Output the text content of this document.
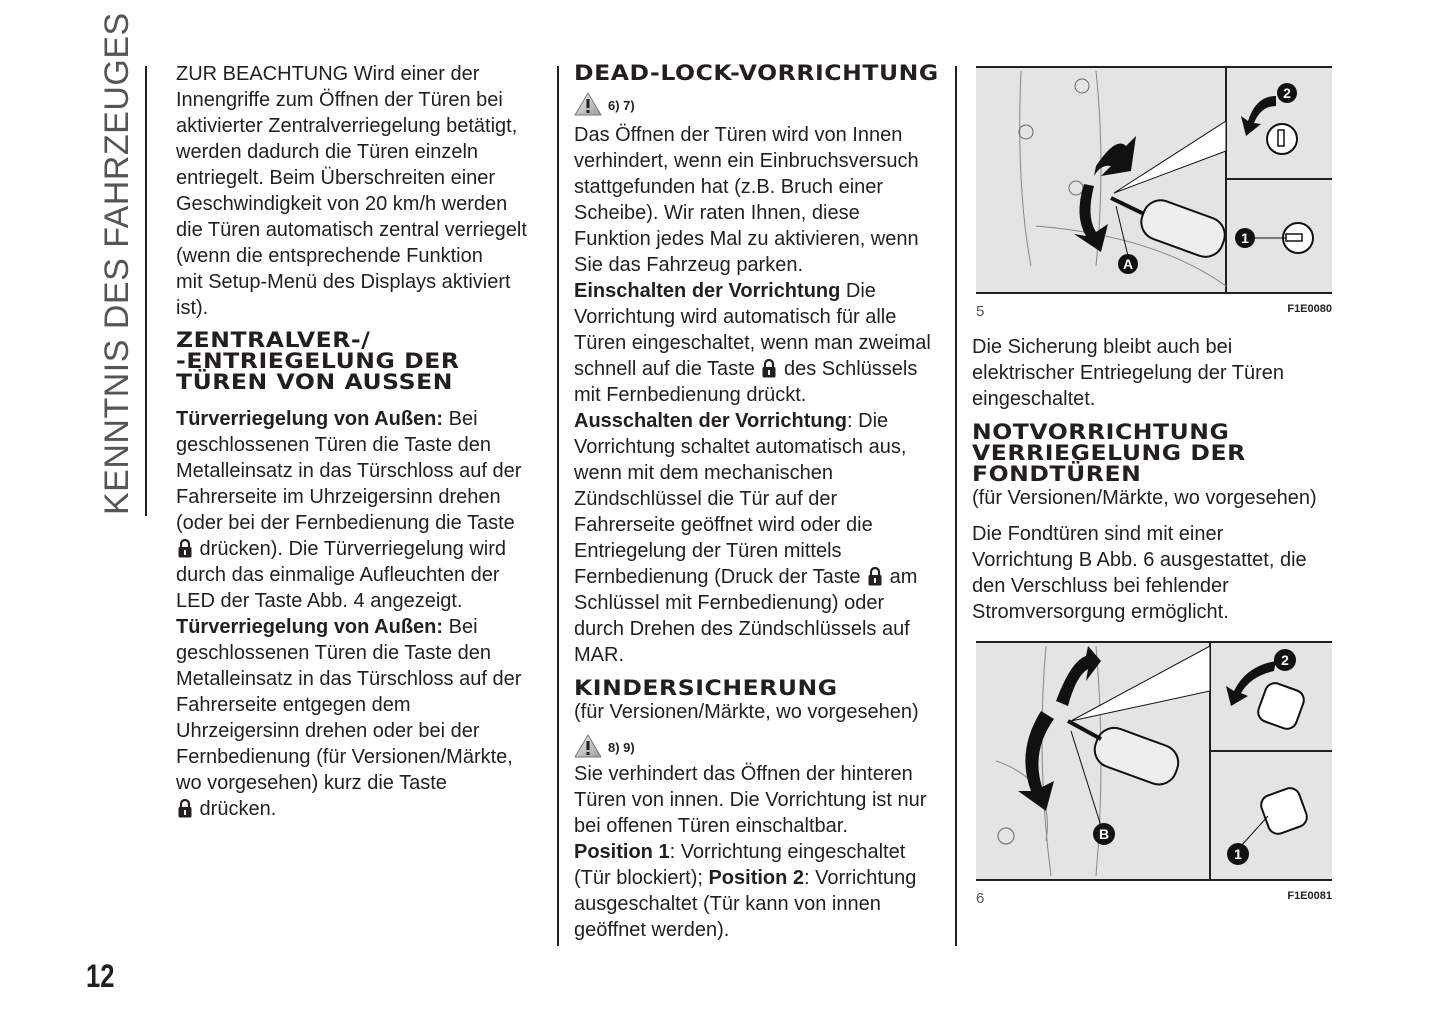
KENNTNIS DES FAHRZEUGES
12
ZUR BEACHTUNG Wird einer der
Innengriffe zum Öffnen der Türen bei
aktivierter Zentralverriegelung betätigt,
werden dadurch die Türen einzeln
entriegelt. Beim Überschreiten einer
Geschwindigkeit von 20 km/h werden
die Türen automatisch zentral verriegelt
(wenn die entsprechende Funktion
mit Setup-Menü des Displays aktiviert
ist).
ZENTRALVER-/
-ENTRIEGELUNG DER
TÜREN VON AUSSEN
Türverriegelung von Außen: Bei
geschlossenen Türen die Taste den
Metalleinsatz in das Türschloss auf der
Fahrerseite im Uhrzeigersinn drehen
(oder bei der Fernbedienung die Taste
drücken). Die Türverriegelung wird
durch das einmalige Aufleuchten der
LED der Taste Abb. 4 angezeigt.
Türverriegelung von Außen: Bei
geschlossenen Türen die Taste den
Metalleinsatz in das Türschloss auf der
Fahrerseite entgegen dem
Uhrzeigersinn drehen oder bei der
Fernbedienung (für Versionen/Märkte,
wo vorgesehen) kurz die Taste
drücken.
DEAD-LOCK-VORRICHTUNG
6) 7)
Das Öffnen der Türen wird von Innen
verhindert, wenn ein Einbruchsversuch
stattgefunden hat (z.B. Bruch einer
Scheibe). Wir raten Ihnen, diese
Funktion jedes Mal zu aktivieren, wenn
Sie das Fahrzeug parken.
Einschalten der Vorrichtung Die
Vorrichtung wird automatisch für alle
Türen eingeschaltet, wenn man zweimal
schnell auf die Taste  des Schlüssels
mit Fernbedienung drückt.
Ausschalten der Vorrichtung: Die
Vorrichtung schaltet automatisch aus,
wenn mit dem mechanischen
Zündschlüssel die Tür auf der
Fahrerseite geöffnet wird oder die
Entriegelung der Türen mittels
Fernbedienung (Druck der Taste  am
Schlüssel mit Fernbedienung) oder
durch Drehen des Zündschlüssels auf
MAR.
KINDERSICHERUNG
(für Versionen/Märkte, wo vorgesehen)
8) 9)
Sie verhindert das Öffnen der hinteren
Türen von innen. Die Vorrichtung ist nur
bei offenen Türen einschaltbar.
Position 1: Vorrichtung eingeschaltet
(Tür blockiert); Position 2: Vorrichtung
ausgeschaltet (Tür kann von innen
geöffnet werden).
Die Sicherung bleibt auch bei
elektrischer Entriegelung der Türen
eingeschaltet.
NOTVORRICHTUNG
VERRIEGELUNG DER
FONDTÜREN
(für Versionen/Märkte, wo vorgesehen)
Die Fondtüren sind mit einer
Vorrichtung B Abb. 6 ausgestattet, die
den Verschluss bei fehlender
Stromversorgung ermöglicht.
A
2
1
5	F1E0080
B
2
1
6	F1E0081
